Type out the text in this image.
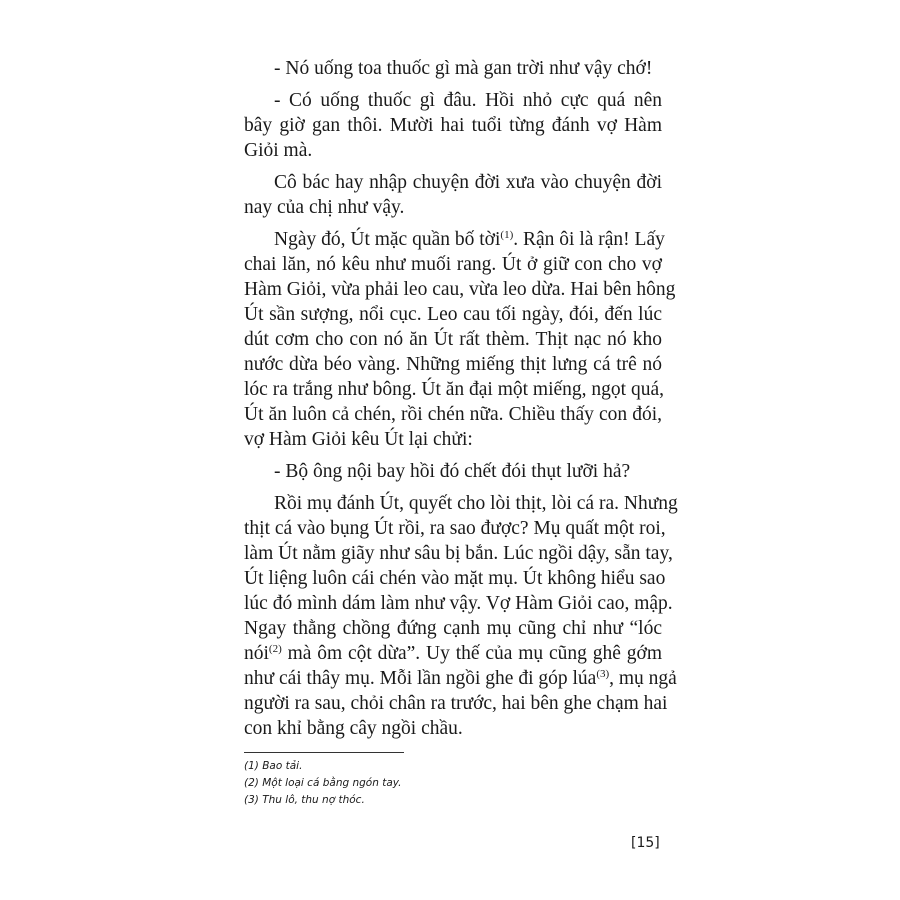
- Nó uống toa thuốc gì mà gan trời như vậy chớ!
- Có uống thuốc gì đâu. Hồi nhỏ cực quá nên
bây giờ gan thôi. Mười hai tuổi từng đánh vợ Hàm
Giỏi mà.
Cô bác hay nhập chuyện đời xưa vào chuyện đời
nay của chị như vậy.
Ngày đó, Út mặc quần bố tời$^{(1)}$. Rận ôi là rận! Lấy
chai lăn, nó kêu như muối rang. Út ở giữ con cho vợ
Hàm Giỏi, vừa phải leo cau, vừa leo dừa. Hai bên hông
Út sần sượng, nổi cục. Leo cau tối ngày, đói, đến lúc
dút cơm cho con nó ăn Út rất thèm. Thịt nạc nó kho
nước dừa béo vàng. Những miếng thịt lưng cá trê nó
lóc ra trắng như bông. Út ăn đại một miếng, ngọt quá,
Út ăn luôn cả chén, rồi chén nữa. Chiều thấy con đói,
vợ Hàm Giỏi kêu Út lại chửi:
- Bộ ông nội bay hồi đó chết đói thụt lưỡi hả?
Rồi mụ đánh Út, quyết cho lòi thịt, lòi cá ra. Nhưng
thịt cá vào bụng Út rồi, ra sao được? Mụ quất một roi,
làm Út nằm giãy như sâu bị bắn. Lúc ngồi dậy, sẵn tay,
Út liệng luôn cái chén vào mặt mụ. Út không hiểu sao
lúc đó mình dám làm như vậy. Vợ Hàm Giỏi cao, mập.
Ngay thằng chồng đứng cạnh mụ cũng chỉ như “lóc
nói$^{(2)}$ mà ôm cột dừa”. Uy thế của mụ cũng ghê gớm
như cái thây mụ. Mỗi lần ngồi ghe đi góp lúa$^{(3)}$, mụ ngả
người ra sau, chỏi chân ra trước, hai bên ghe chạm hai
con khỉ bằng cây ngồi chầu.
(1) Bao tải.
(2) Một loại cá bằng ngón tay.
(3) Thu lô, thu nợ thóc.
[15]
